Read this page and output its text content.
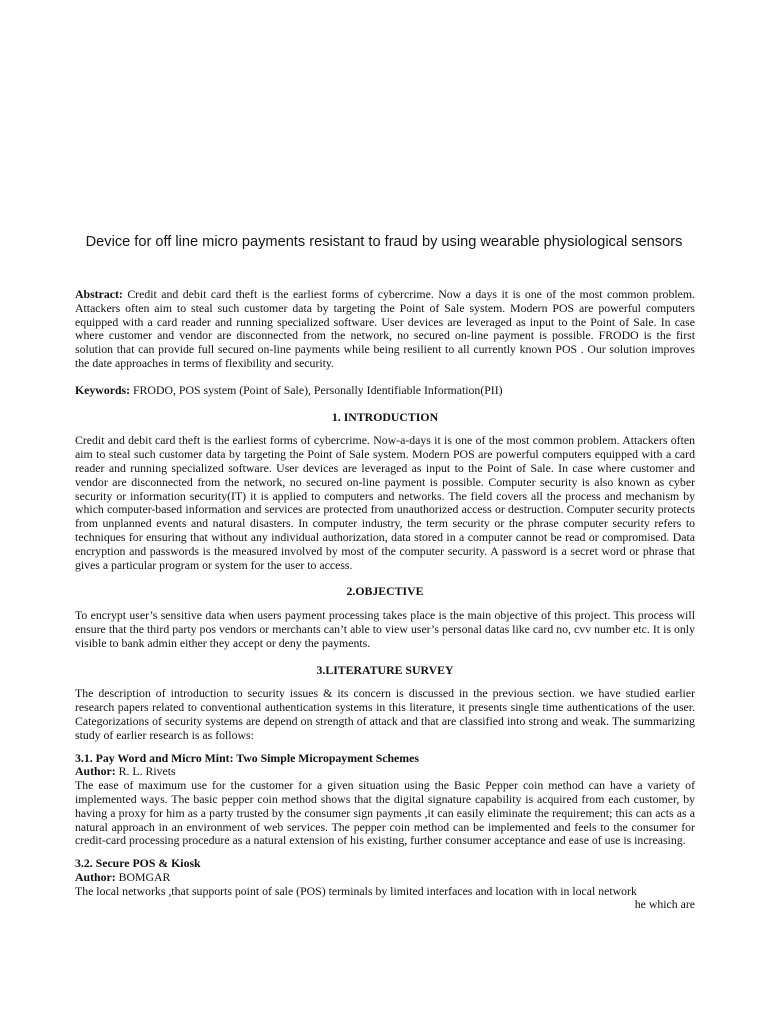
Device for off line micro payments resistant to fraud by using wearable physiological sensors

Abstract: Credit and debit card theft is the earliest forms of cybercrime. Now a days it is one of the most common problem. Attackers often aim to steal such customer data by targeting the Point of Sale system. Modern POS are powerful computers equipped with a card reader and running specialized software. User devices are leveraged as input to the Point of Sale. In case where customer and vendor are disconnected from the network, no secured on-line payment is possible. FRODO is the first solution that can provide full secured on-line payments while being resilient to all currently known POS . Our solution improves the date approaches in terms of flexibility and security.

Keywords: FRODO, POS system (Point of Sale), Personally Identifiable Information(PII)

1. INTRODUCTION

Credit and debit card theft is the earliest forms of cybercrime. Now-a-days it is one of the most common problem. Attackers often aim to steal such customer data by targeting the Point of Sale system. Modern POS are powerful computers equipped with a card reader and running specialized software. User devices are leveraged as input to the Point of Sale. In case where customer and vendor are disconnected from the network, no secured on-line payment is possible. Computer security is also known as cyber security or information security(IT) it is applied to computers and networks. The field covers all the process and mechanism by which computer-based information and services are protected from unauthorized access or destruction. Computer security protects from unplanned events and natural disasters. In computer industry, the term security or the phrase computer security refers to techniques for ensuring that without any individual authorization, data stored in a computer cannot be read or compromised. Data encryption and passwords is the measured involved by most of the computer security. A password is a secret word or phrase that gives a particular program or system for the user to access.

2.OBJECTIVE

To encrypt user’s sensitive data when users payment processing takes place is the main objective of this project. This process will ensure that the third party pos vendors or merchants can’t able to view user’s personal datas like card no, cvv number etc. It is only visible to bank admin either they accept or deny the payments.

3.LITERATURE SURVEY

The description of introduction to security issues & its concern is discussed in the previous section. we have studied earlier research papers related to conventional authentication systems in this literature, it presents single time authentications of the user. Categorizations of security systems are depend on strength of attack and that are classified into strong and weak. The summarizing study of earlier research is as follows:

3.1. Pay Word and Micro Mint: Two Simple Micropayment Schemes

Author: R. L. Rivets

The ease of maximum use for the customer for a given situation using the Basic Pepper coin method can have a variety of implemented ways. The basic pepper coin method shows that the digital signature capability is acquired from each customer, by having a proxy for him as a party trusted by the consumer sign payments ,it can easily eliminate the requirement; this can acts as a natural approach in an environment of web services. The pepper coin method can be implemented and feels to the consumer for credit-card processing procedure as a natural extension of his existing, further consumer acceptance and ease of use is increasing.

3.2. Secure POS & Kiosk

Author: BOMGAR

The local networks ,that supports point of sale (POS) terminals by limited interfaces and location with in local network

he which are
